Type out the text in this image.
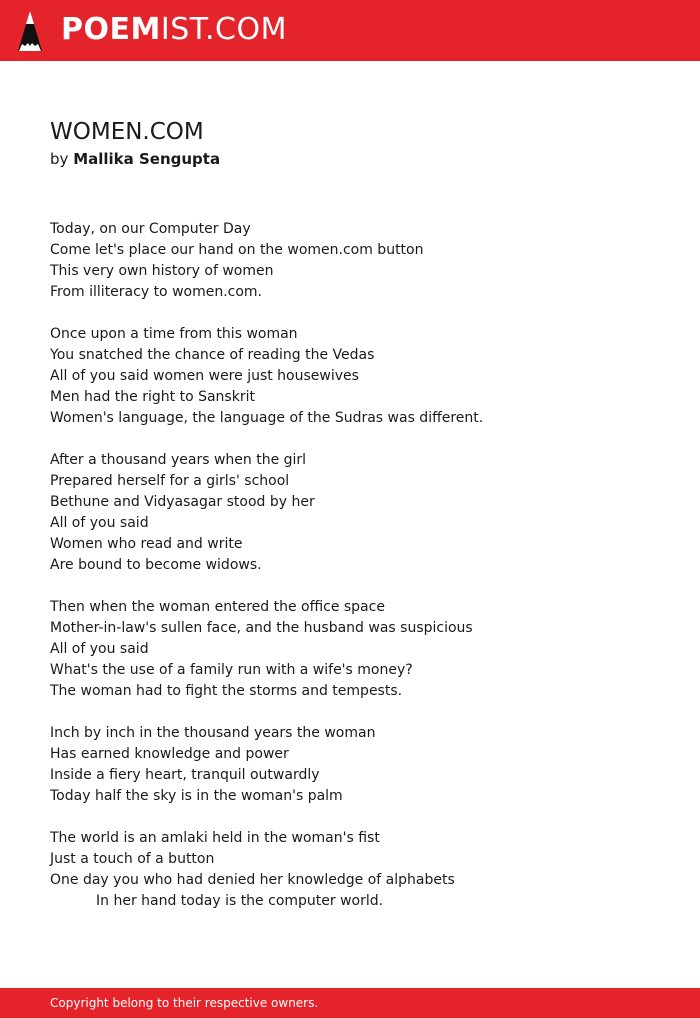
POEMIST.COM
WOMEN.COM
by Mallika Sengupta
Today, on our Computer Day
Come let's place our hand on the women.com button
This very own history of women
From illiteracy to women.com.
Once upon a time from this woman
You snatched the chance of reading the Vedas
All of you said women were just housewives
Men had the right to Sanskrit
Women's language, the language of the Sudras was different.
After a thousand years when the girl
Prepared herself for a girls' school
Bethune and Vidyasagar stood by her
All of you said
Women who read and write
Are bound to become widows.
Then when the woman entered the office space
Mother-in-law's sullen face, and the husband was suspicious
All of you said
What's the use of a family run with a wife's money?
The woman had to fight the storms and tempests.
Inch by inch in the thousand years the woman
Has earned knowledge and power
Inside a fiery heart, tranquil outwardly
Today half the sky is in the woman's palm
The world is an amlaki held in the woman's fist
Just a touch of a button
One day you who had denied her knowledge of alphabets
In her hand today is the computer world.
Copyright belong to their respective owners.
